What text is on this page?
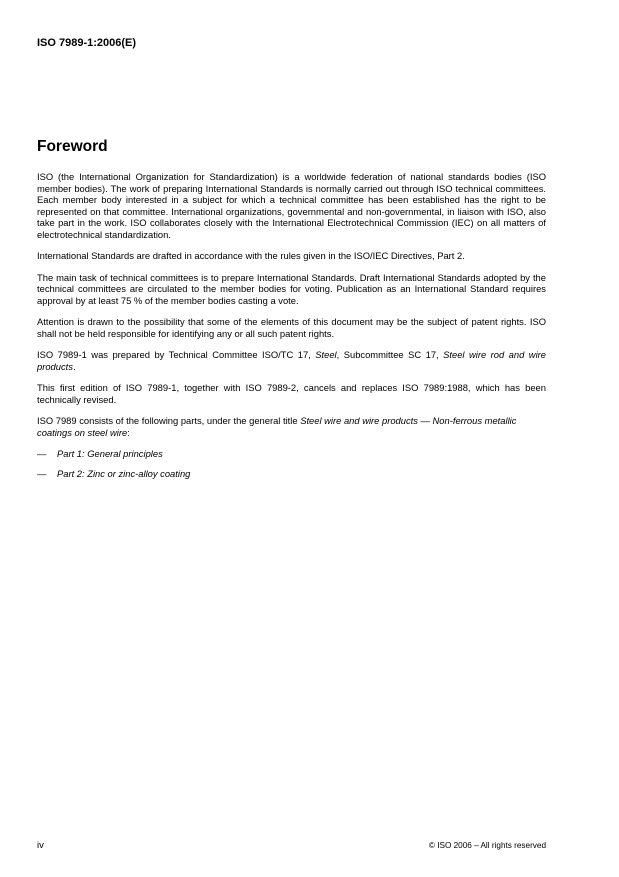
ISO 7989-1:2006(E)
Foreword

ISO (the International Organization for Standardization) is a worldwide federation of national standards bodies (ISO member bodies). The work of preparing International Standards is normally carried out through ISO technical committees. Each member body interested in a subject for which a technical committee has been established has the right to be represented on that committee. International organizations, governmental and non-governmental, in liaison with ISO, also take part in the work. ISO collaborates closely with the International Electrotechnical Commission (IEC) on all matters of electrotechnical standardization.

International Standards are drafted in accordance with the rules given in the ISO/IEC Directives, Part 2.

The main task of technical committees is to prepare International Standards. Draft International Standards adopted by the technical committees are circulated to the member bodies for voting. Publication as an International Standard requires approval by at least 75 % of the member bodies casting a vote.

Attention is drawn to the possibility that some of the elements of this document may be the subject of patent rights. ISO shall not be held responsible for identifying any or all such patent rights.

ISO 7989-1 was prepared by Technical Committee ISO/TC 17, Steel, Subcommittee SC 17, Steel wire rod and wire products.

This first edition of ISO 7989-1, together with ISO 7989-2, cancels and replaces ISO 7989:1988, which has been technically revised.

ISO 7989 consists of the following parts, under the general title Steel wire and wire products — Non-ferrous metallic coatings on steel wire:

—	Part 1: General principles
—	Part 2: Zinc or zinc-alloy coating
iv	© ISO 2006 – All rights reserved
